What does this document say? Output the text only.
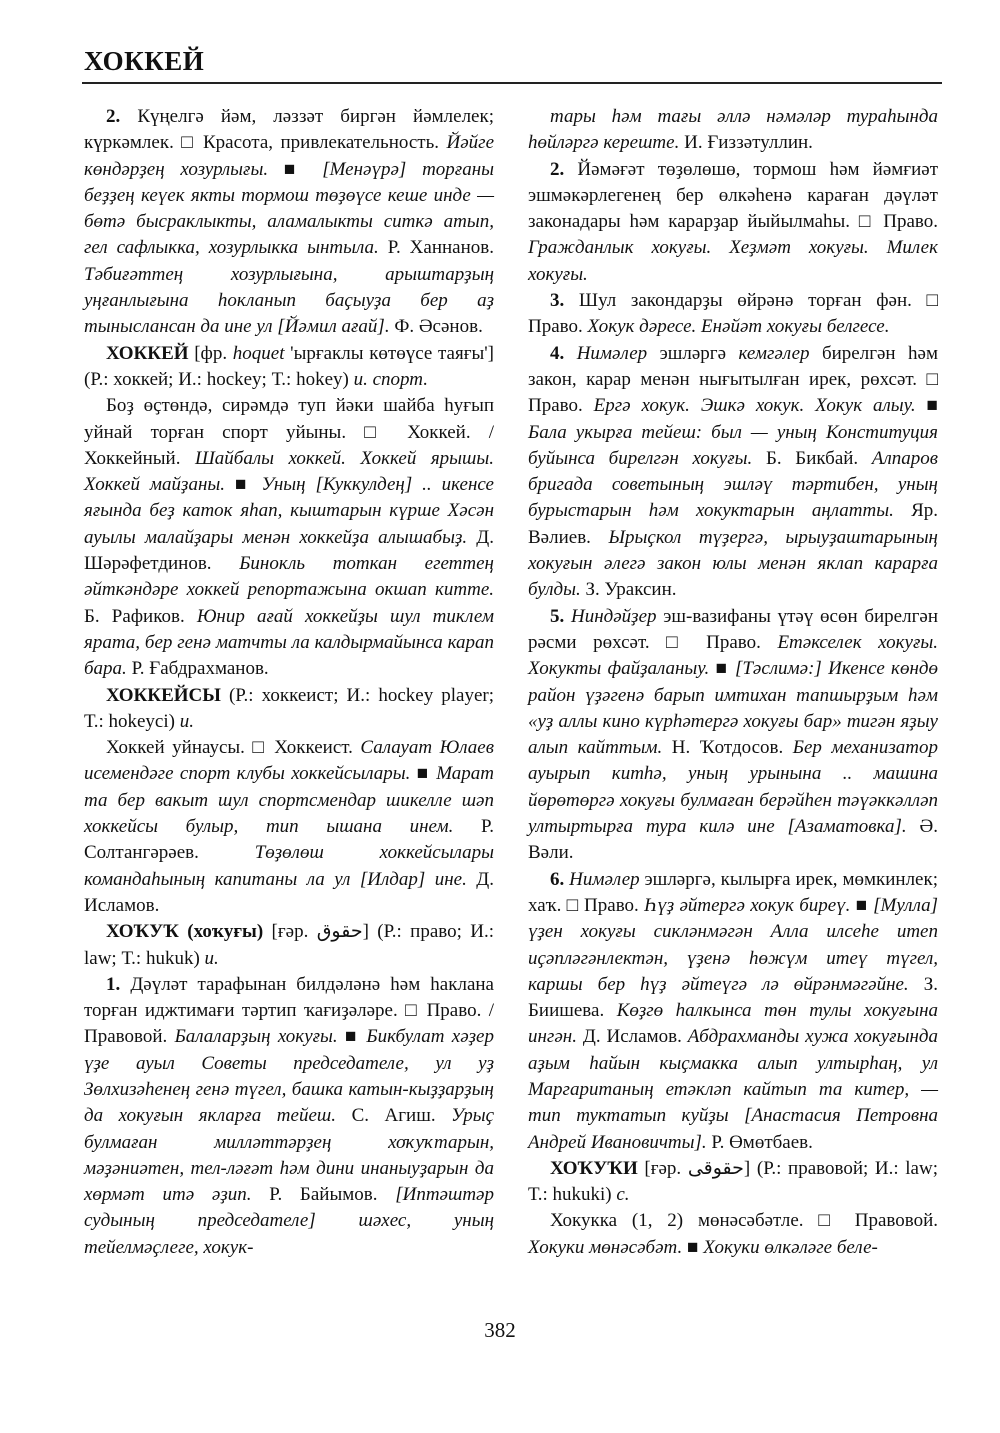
ХОККЕЙ

2. Күңелгә йәм, ләззәт биргән йәмлелек; күркәмлек. □ Красота, привлекательность. Йәйге көндәрҙең хозурлығы. ■ [Менәүрә] торғаны беҙҙең кеүек якты тормош төҙөүсе кеше инде — бөтә бысраклыкты, аламалыкты ситкә атып, гел сафлыкка, хозурлыкка ынтыла. Р. Ханнанов. Тәбиғәттең хозурлығына, арыштарҙың уңғанлығына һокланып баҫыуҙа бер аҙ тыныслансан да ине ул [Йәмил ағай]. Ф. Әсәнов.

ХОККЕЙ [фр. hoquet 'ырғаклы көтөүсе таяғы'] (Р.: хоккей; И.: hockey; Т.: hokey) и. спорт.

Боҙ өҫтөндә, сирәмдә туп йәки шайба һуғып уйнай торған спорт уйыны. □ Хоккей. / Хоккейный. Шайбалы хоккей. Хоккей ярышы. Хоккей майҙаны. ■ Уның [Куккулдең] .. икенсе яғында беҙ каток яһап, кыштарын күрше Хәсән ауылы малайҙары менән хоккейҙа алышабыҙ. Д. Шәрәфетдинов. Бинокль тоткан егеттең әйткәндәре хоккей репортажына окшап китте. Б. Рафиков. Юнир ағай хоккейҙы шул тиклем ярата, бер генә матчты ла калдырмайынса карап бара. Р. Ғабдрахманов.

ХОККЕЙСЫ (Р.: хоккеист; И.: hockey player; Т.: hokeyci) и.

Хоккей уйнаусы. □ Хоккеист. Салауат Юлаев исемендәге спорт клубы хоккейсылары. ■ Марат та бер вакыт шул спортсмендар шикелле шәп хоккейсы булыр, тип ышана инем. Р. Солтангәрәев. Төҙөлөш хоккейсылары командаһының капитаны ла ул [Илдар] ине. Д. Исламов.

ХОҠУҠ (хоҡуғы) [ғәр. حقوق] (Р.: право; И.: law; Т.: hukuk) и.

1. Дәүләт тарафынан билдәләнә һәм һаклана торған иджтимағи тәртип ҡағиҙәләре. □ Право. / Правовой. Балаларҙың хокуғы. ■ Бикбулат хәҙер үҙе ауыл Советы председателе, ул уҙ Зөлхизәһенең генә түгел, башка катын-кыҙҙарҙың да хокуғын якларға тейеш. С. Агиш. Урыҫ булмаған милләттәрҙең хоҡуҡтарын, мәҙәниәтен, тел-ләғәт һәм дини инаныуҙарын да хөрмәт итә әҙип. Р. Байымов. [Иптәштәр судының председателе] шәхес, уның тейелмәҫлеге, хокук-

тары һәм тағы әллә нәмәләр тураһында һөйләргә кереште. И. Ғиззәтуллин.

2. Йәмәғәт төҙөлөшө, тормош һәм йәмғиәт эшмәкәрлегенең бер өлкәһенә караған дәүләт законадары һәм карарҙар йыйылмаһы. □ Право. Гражданлык хокуғы. Хеҙмәт хокуғы. Милек хокуғы.

3. Шул закондарҙы өйрәнә торған фән. □ Право. Хокук дәресе. Енәйәт хокуғы белгесе.

4. Нимәлер эшләргә кемгәлер бирелгән һәм закон, карар менән нығытылған ирек, рөхсәт. □ Право. Ергә хокук. Эшкә хокук. Хокук алыу. ■ Бала укырға тейеш: был — уның Конституция буйынса бирелгән хокуғы. Б. Бикбай. Алпаров бригада советының эшләү тәртибен, уның бурыстарын һәм хокуктарын аңлатты. Яр. Вәлиев. Ырыҫкол түҙергә, ырыуҙаштарының хокуғын әлегә закон юлы менән яклап карарға булды. З. Ураксин.

5. Ниндәйҙер эш-вазифаны үтәү өсөн бирелгән рәсми рөхсәт. □ Право. Етәкселек хокуғы. Хокукты файҙаланыу. ■ [Тәслимә:] Икенсе көндө район үҙәгенә барып имтихан тапшырҙым һәм «уҙ аллы кино күрһәтергә хокуғы бар» тигән яҙыу алып кайттым. Н. Ҡотдосов. Бер механизатор ауырып китһә, уның урынына .. машина йөрөтөргә хокуғы булмаған берәйһен тәүәккәлләп ултыртырға тура килә ине [Азаматовка]. Ә. Вәли.

6. Нимәлер эшләргә, кылырға ирек, мөмкинлек; хаҡ. □ Право. Һүҙ әйтергә хокук биреү. ■ [Мулла] үҙен хокуғы сикләнмәгән Алла илсеһе итеп иҫәпләгәнлектән, үҙенә һөжүм итеү түгел, каршы бер һүҙ әйтеүгә лә өйрәнмәгәйне. З. Биишева. Көҙгө һалкынса төн тулы хокуғына ингән. Д. Исламов. Абдрахманды хужа хокуғында аҙым һайын кыҫмакка алып ултырһаң, ул Маргаританың етәкләп кайтып та китер, — тип туктатып куйҙы [Анастасия Петровна Андрей Ивановичты]. Р. Өмөтбаев.

ХОҠУҠИ [ғәр. حقوقى] (Р.: правовой; И.: law; Т.: hukuki) с.

Хокукка (1, 2) мөнәсәбәтле. □ Правовой. Хокуки мөнәсәбәт. ■ Хокуки өлкәләге беле-

382
